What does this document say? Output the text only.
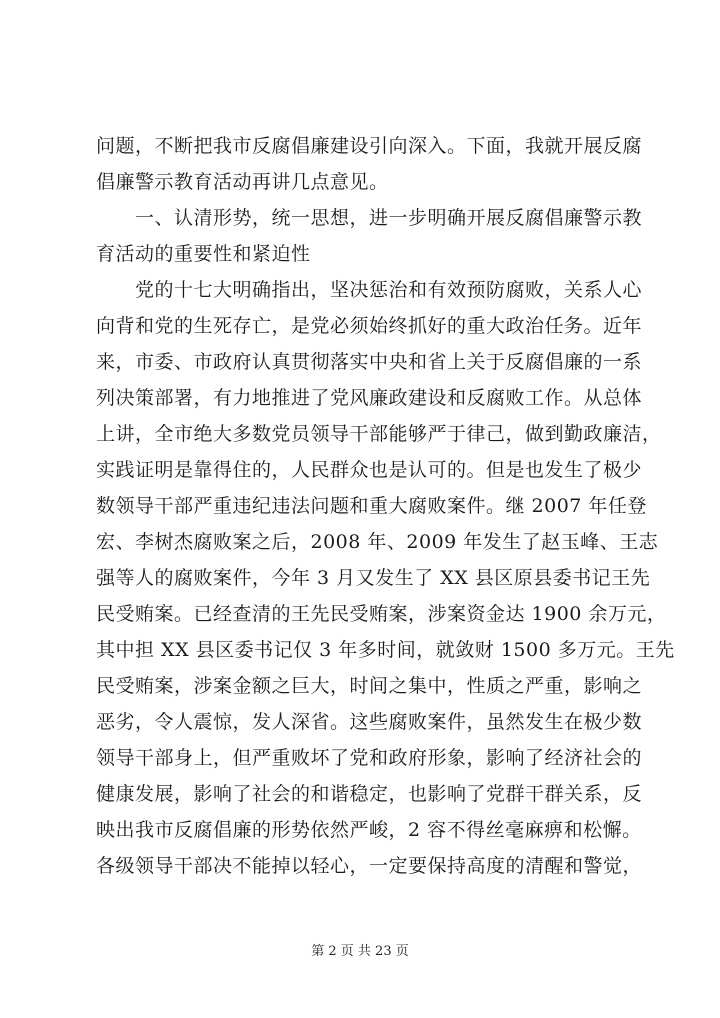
问题，不断把我市反腐倡廉建设引向深入。下面，我就开展反腐
倡廉警示教育活动再讲几点意见。
　　一、认清形势，统一思想，进一步明确开展反腐倡廉警示教
育活动的重要性和紧迫性
　　党的十七大明确指出，坚决惩治和有效预防腐败，关系人心
向背和党的生死存亡，是党必须始终抓好的重大政治任务。近年
来，市委、市政府认真贯彻落实中央和省上关于反腐倡廉的一系
列决策部署，有力地推进了党风廉政建设和反腐败工作。从总体
上讲，全市绝大多数党员领导干部能够严于律己，做到勤政廉洁，
实践证明是靠得住的，人民群众也是认可的。但是也发生了极少
数领导干部严重违纪违法问题和重大腐败案件。继 2007 年任登
宏、李树杰腐败案之后，2008 年、2009 年发生了赵玉峰、王志
强等人的腐败案件，今年 3 月又发生了 XX 县区原县委书记王先
民受贿案。已经查清的王先民受贿案，涉案资金达 1900 余万元，
其中担 XX 县区委书记仅 3 年多时间，就敛财 1500 多万元。王先
民受贿案，涉案金额之巨大，时间之集中，性质之严重，影响之
恶劣，令人震惊，发人深省。这些腐败案件，虽然发生在极少数
领导干部身上，但严重败坏了党和政府形象，影响了经济社会的
健康发展，影响了社会的和谐稳定，也影响了党群干群关系，反
映出我市反腐倡廉的形势依然严峻，2 容不得丝毫麻痹和松懈。
各级领导干部决不能掉以轻心，一定要保持高度的清醒和警觉，
第 2 页 共 23 页
